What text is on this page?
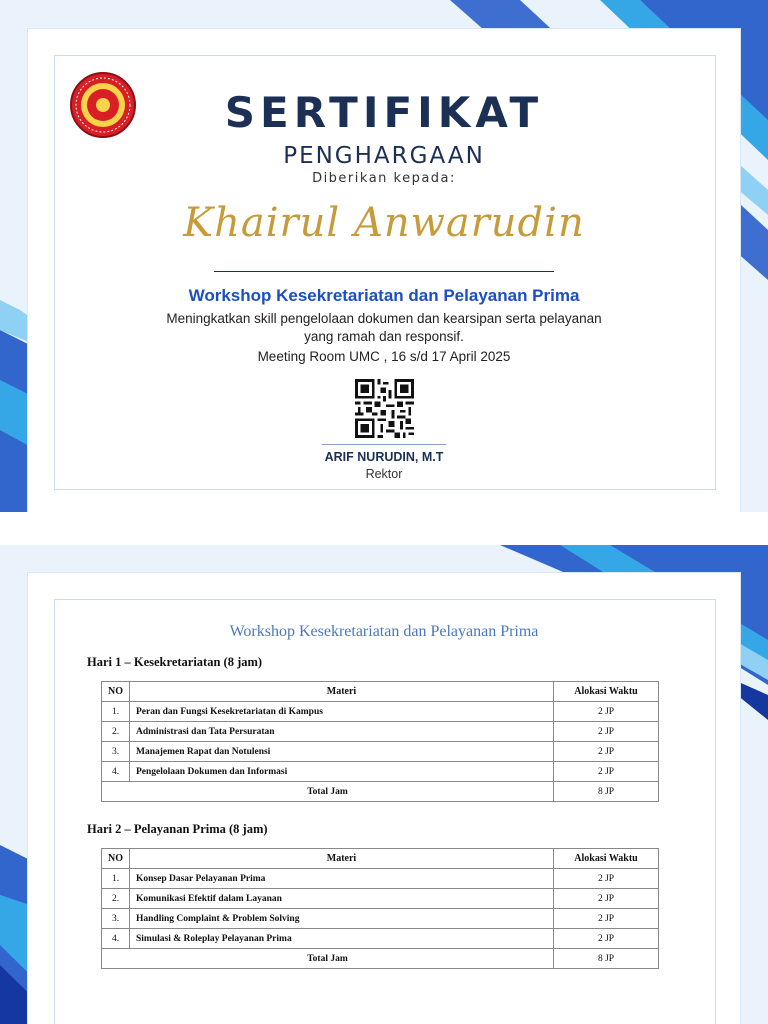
SERTIFIKAT
PENGHARGAAN
Diberikan kepada:
Khairul Anwarudin
Workshop Kesekretariatan dan Pelayanan Prima
Meningkatkan skill pengelolaan dokumen dan kearsipan serta pelayanan
yang ramah dan responsif.
Meeting Room UMC , 16 s/d 17 April 2025
ARIF NURUDIN, M.T
Rektor
Workshop Kesekretariatan dan Pelayanan Prima
Hari 1 – Kesekretariatan (8 jam)
NO	Materi	Alokasi Waktu
1.	Peran dan Fungsi Kesekretariatan di Kampus	2 JP
2.	Administrasi dan Tata Persuratan	2 JP
3.	Manajemen Rapat dan Notulensi	2 JP
4.	Pengelolaan Dokumen dan Informasi	2 JP
Total Jam		8 JP
Hari 2 – Pelayanan Prima (8 jam)
NO	Materi	Alokasi Waktu
1.	Konsep Dasar Pelayanan Prima	2 JP
2.	Komunikasi Efektif dalam Layanan	2 JP
3.	Handling Complaint & Problem Solving	2 JP
4.	Simulasi & Roleplay Pelayanan Prima	2 JP
Total Jam		8 JP
